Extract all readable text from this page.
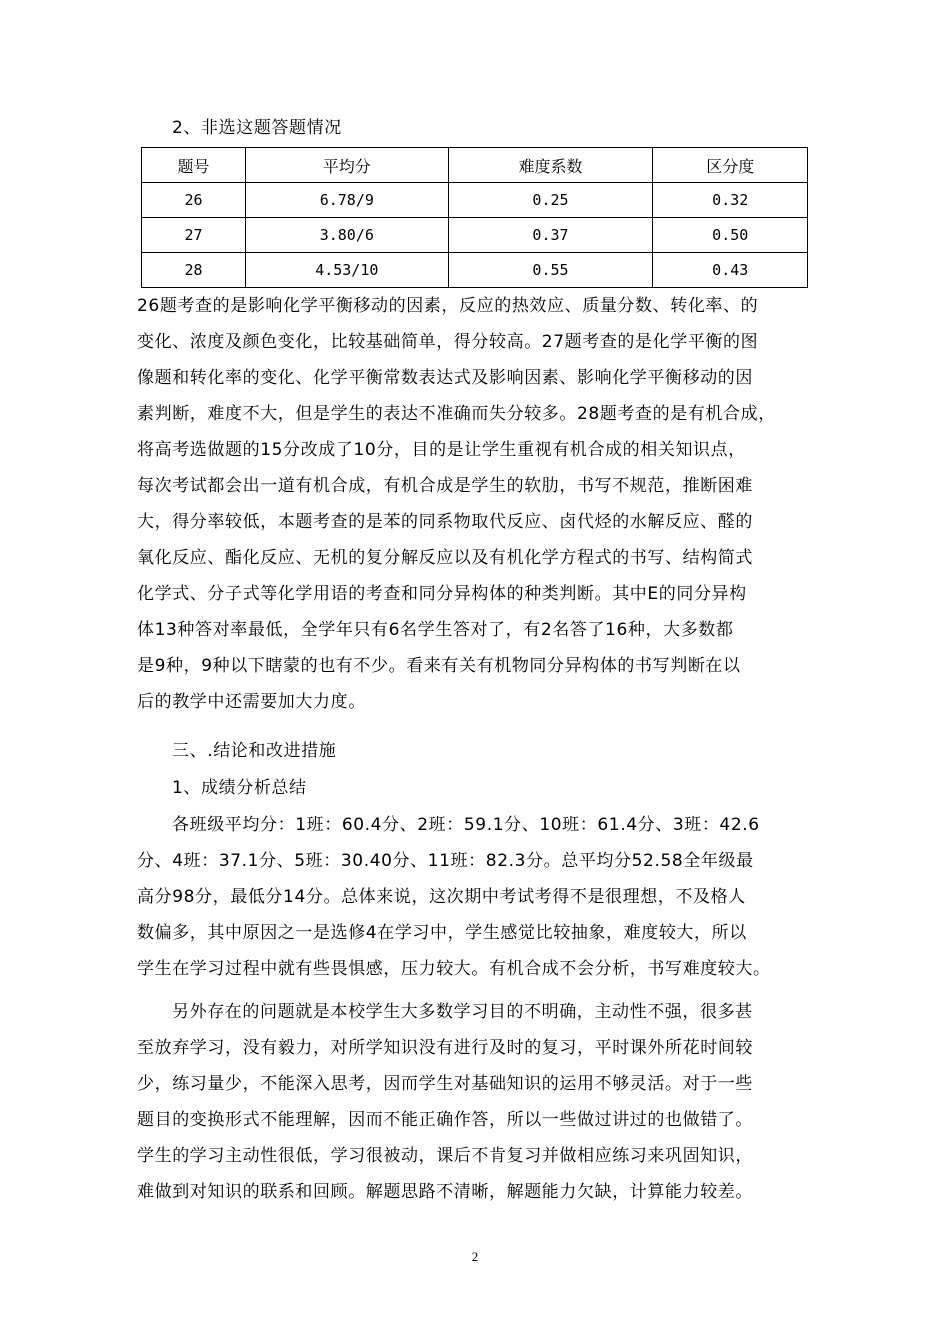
2、非选这题答题情况
题号	平均分	难度系数	区分度
26	6.78/9	0.25	0.32
27	3.80/6	0.37	0.50
28	4.53/10	0.55	0.43
26题考查的是影响化学平衡移动的因素，反应的热效应、质量分数、转化率、的
变化、浓度及颜色变化，比较基础简单，得分较高。27题考查的是化学平衡的图
像题和转化率的变化、化学平衡常数表达式及影响因素、影响化学平衡移动的因
素判断，难度不大，但是学生的表达不准确而失分较多。28题考查的是有机合成，
将高考选做题的15分改成了10分，目的是让学生重视有机合成的相关知识点，
每次考试都会出一道有机合成，有机合成是学生的软肋，书写不规范，推断困难
大，得分率较低，本题考查的是苯的同系物取代反应、卤代烃的水解反应、醛的
氧化反应、酯化反应、无机的复分解反应以及有机化学方程式的书写、结构简式
化学式、分子式等化学用语的考查和同分异构体的种类判断。其中E的同分异构
体13种答对率最低，全学年只有6名学生答对了，有2名答了16种，大多数都
是9种，9种以下瞎蒙的也有不少。看来有关有机物同分异构体的书写判断在以
后的教学中还需要加大力度。
三、.结论和改进措施
1、成绩分析总结
各班级平均分：1班：60.4分、2班：59.1分、10班：61.4分、3班：42.6
分、4班：37.1分、5班：30.40分、11班：82.3分。总平均分52.58全年级最
高分98分，最低分14分。总体来说，这次期中考试考得不是很理想，不及格人
数偏多，其中原因之一是选修4在学习中，学生感觉比较抽象，难度较大，所以
学生在学习过程中就有些畏惧感，压力较大。有机合成不会分析，书写难度较大。
另外存在的问题就是本校学生大多数学习目的不明确，主动性不强，很多甚
至放弃学习，没有毅力，对所学知识没有进行及时的复习，平时课外所花时间较
少，练习量少，不能深入思考，因而学生对基础知识的运用不够灵活。对于一些
题目的变换形式不能理解，因而不能正确作答，所以一些做过讲过的也做错了。
学生的学习主动性很低，学习很被动，课后不肯复习并做相应练习来巩固知识，
难做到对知识的联系和回顾。解题思路不清晰，解题能力欠缺，计算能力较差。
2
